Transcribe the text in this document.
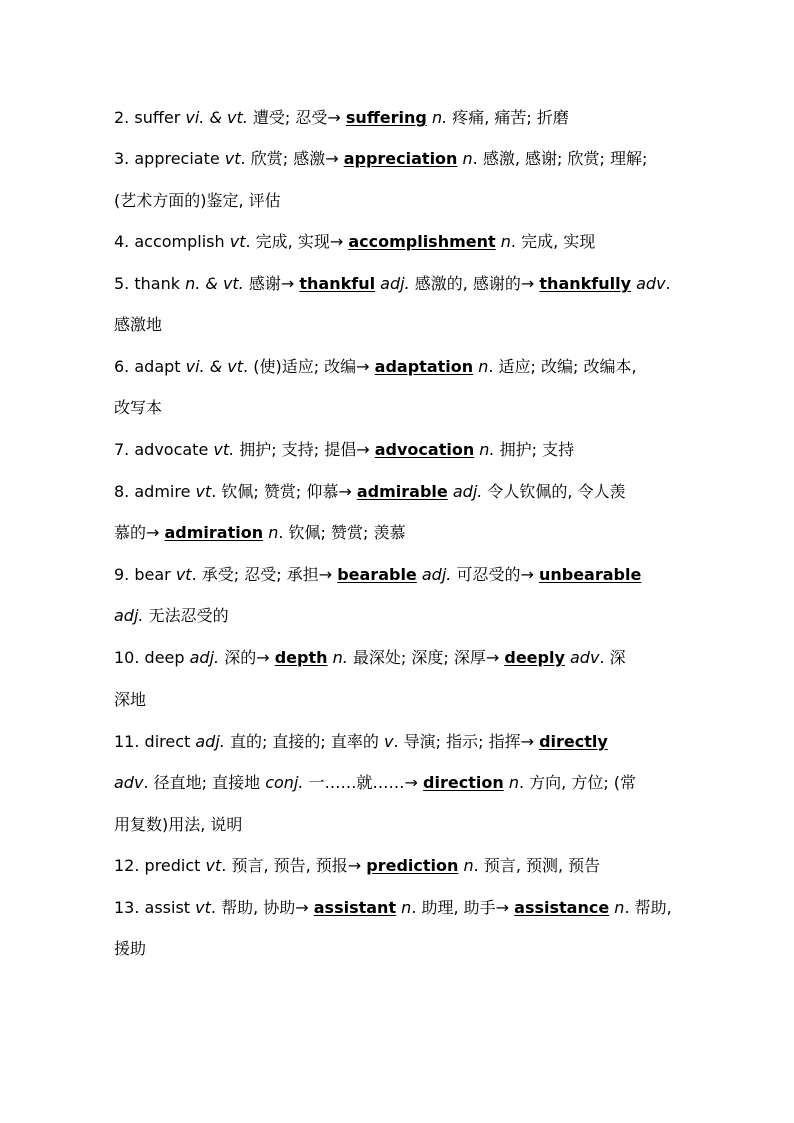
2. suffer vi. & vt. 遭受; 忍受→ suffering n. 疼痛, 痛苦; 折磨
3. appreciate vt. 欣赏; 感激→ appreciation n. 感激, 感谢; 欣赏; 理解;
(艺术方面的)鉴定, 评估
4. accomplish vt. 完成, 实现→ accomplishment n. 完成, 实现
5. thank n. & vt. 感谢→ thankful adj. 感激的, 感谢的→ thankfully adv.
感激地
6. adapt vi. & vt. (使)适应; 改编→ adaptation n. 适应; 改编; 改编本,
改写本
7. advocate vt. 拥护; 支持; 提倡→ advocation n. 拥护; 支持
8. admire vt. 钦佩; 赞赏; 仰慕→ admirable adj. 令人钦佩的, 令人羡
慕的→ admiration n. 钦佩; 赞赏; 羡慕
9. bear vt. 承受; 忍受; 承担→ bearable adj. 可忍受的→ unbearable
adj. 无法忍受的
10. deep adj. 深的→ depth n. 最深处; 深度; 深厚→ deeply adv. 深
深地
11. direct adj. 直的; 直接的; 直率的 v. 导演; 指示; 指挥→ directly
adv. 径直地; 直接地 conj. 一……就……→ direction n. 方向, 方位; (常
用复数)用法, 说明
12. predict vt. 预言, 预告, 预报→ prediction n. 预言, 预测, 预告
13. assist vt. 帮助, 协助→ assistant n. 助理, 助手→ assistance n. 帮助,
援助
